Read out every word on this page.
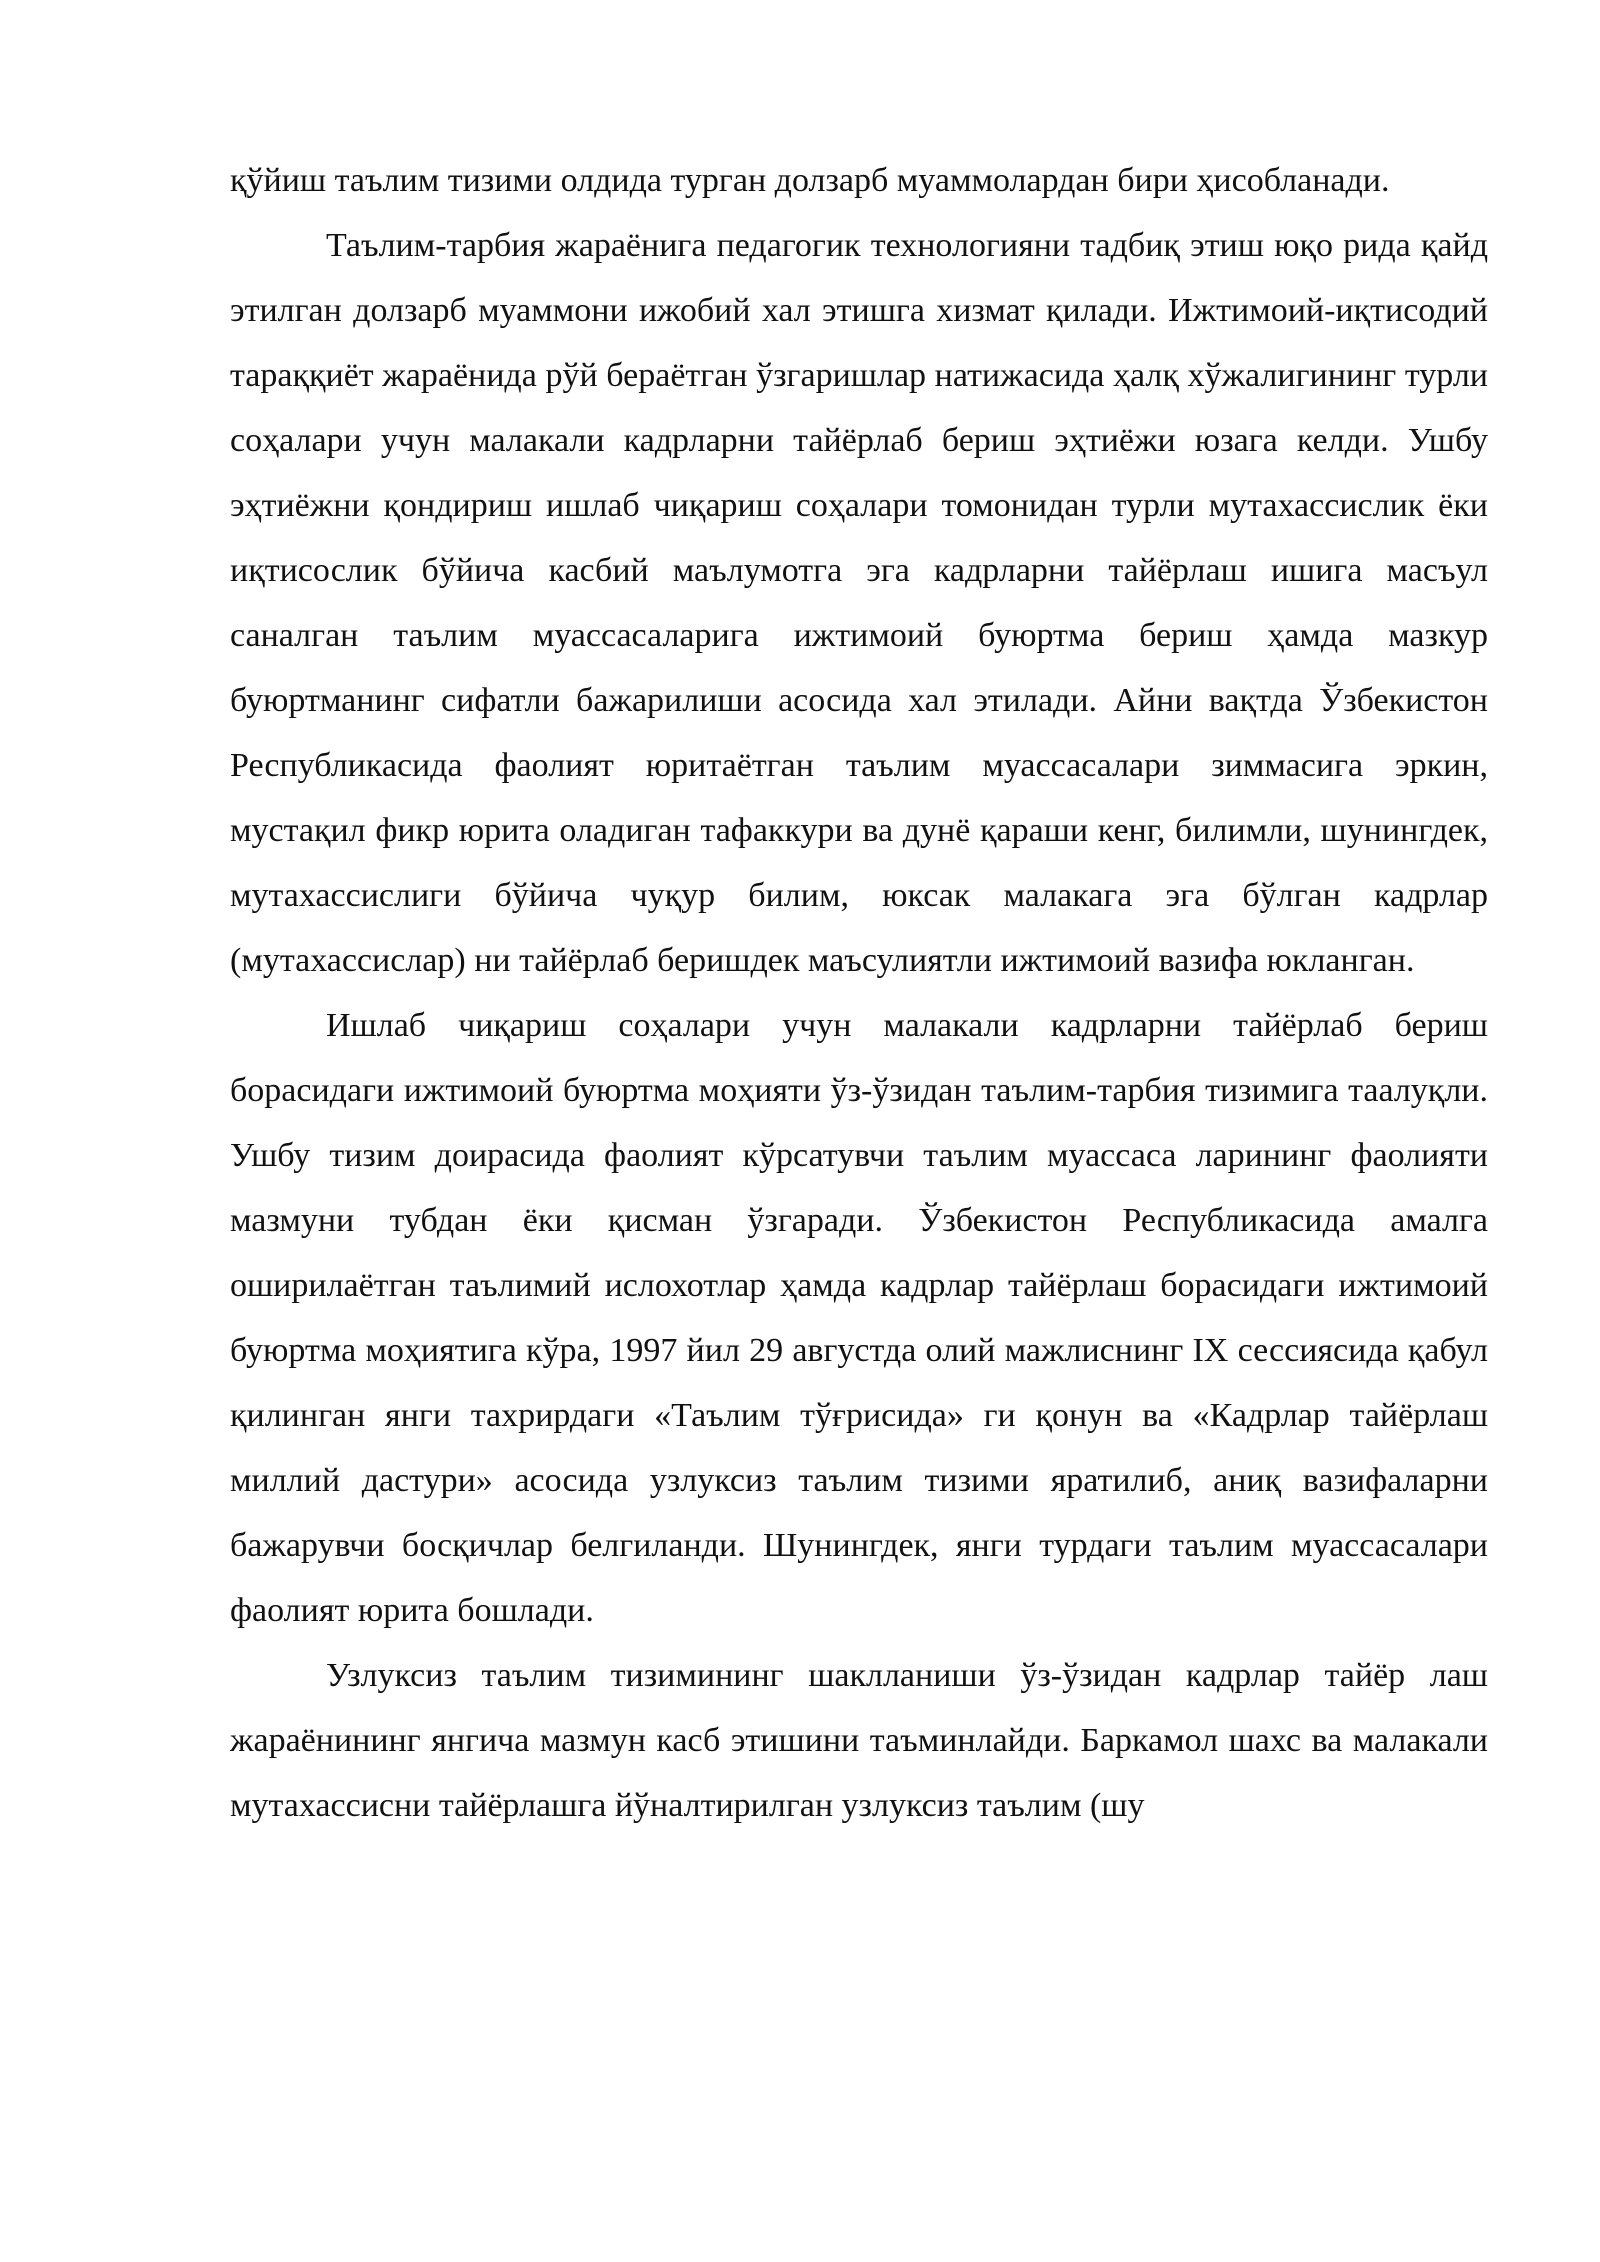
қўйиш таълим тизими олдида турган долзарб муаммолардан бири ҳисобланади.

Таълим-тарбия жараёнига педагогик технологияни тадбиқ этиш юқо рида қайд этилган долзарб муаммони ижобий хал этишга хизмат қилади. Ижтимоий-иқтисодий тараққиёт жараёнида рўй бераётган ўзгаришлар натижасида ҳалқ хўжалигининг турли соҳалари учун малакали кадрларни тайёрлаб бериш эҳтиёжи юзага келди. Ушбу эҳтиёжни қондириш ишлаб чиқариш соҳалари томонидан турли мутахассислик ёки иқтисослик бўйича касбий маълумотга эга кадрларни тайёрлаш ишига масъул саналган таълим муассасаларига ижтимоий буюртма бериш ҳамда мазкур буюртманинг сифатли бажарилиши асосида хал этилади. Айни вақтда Ўзбекистон Республикасида фаолият юритаётган таълим муассасалари зиммасига эркин, мустақил фикр юрита оладиган тафаккури ва дунё қараши кенг, билимли, шунингдек, мутахассислиги бўйича чуқур билим, юксак малакага эга бўлган кадрлар (мутахассислар) ни тайёрлаб беришдек маъсулиятли ижтимоий вазифа юкланган.

Ишлаб чиқариш соҳалари учун малакали кадрларни тайёрлаб бериш борасидаги ижтимоий буюртма моҳияти ўз-ўзидан таълим-тарбия тизимига таалуқли. Ушбу тизим доирасида фаолият кўрсатувчи таълим муассаса ларининг фаолияти мазмуни тубдан ёки қисман ўзгаради. Ўзбекистон Республикасида амалга оширилаётган таълимий ислохотлар ҳамда кадрлар тайёрлаш борасидаги ижтимоий буюртма моҳиятига кўра, 1997 йил 29 августда олий мажлиснинг IX сессиясида қабул қилинган янги тахрирдаги «Таълим тўғрисида» ги қонун ва «Кадрлар тайёрлаш миллий дастури» асосида узлуксиз таълим тизими яратилиб, аниқ вазифаларни бажарувчи босқичлар белгиланди. Шунингдек, янги турдаги таълим муассасалари фаолият юрита бошлади.

Узлуксиз таълим тизимининг шаклланиши ўз-ўзидан кадрлар тайёр лаш жараёнининг янгича мазмун касб этишини таъминлайди. Баркамол шахс ва малакали мутахассисни тайёрлашга йўналтирилган узлуксиз таълим (шу
